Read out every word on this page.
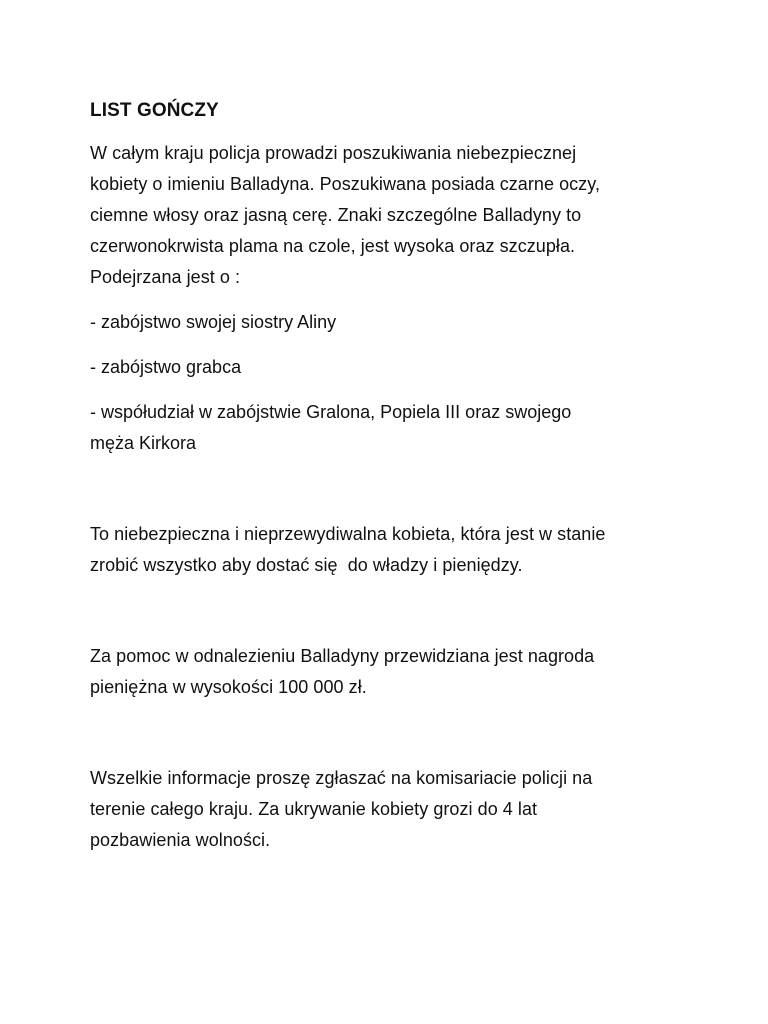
LIST GOŃCZY

W całym kraju policja prowadzi poszukiwania niebezpiecznej
kobiety o imieniu Balladyna. Poszukiwana posiada czarne oczy,
ciemne włosy oraz jasną cerę. Znaki szczególne Balladyny to
czerwonokrwista plama na czole, jest wysoka oraz szczupła.
Podejrzana jest o :

- zabójstwo swojej siostry Aliny

- zabójstwo grabca

- współudział w zabójstwie Gralona, Popiela III oraz swojego
męża Kirkora

To niebezpieczna i nieprzewydiwalna kobieta, która jest w stanie
zrobić wszystko aby dostać się  do władzy i pieniędzy.

Za pomoc w odnalezieniu Balladyny przewidziana jest nagroda
pieniężna w wysokości 100 000 zł.

Wszelkie informacje proszę zgłaszać na komisariacie policji na
terenie całego kraju. Za ukrywanie kobiety grozi do 4 lat
pozbawienia wolności.
